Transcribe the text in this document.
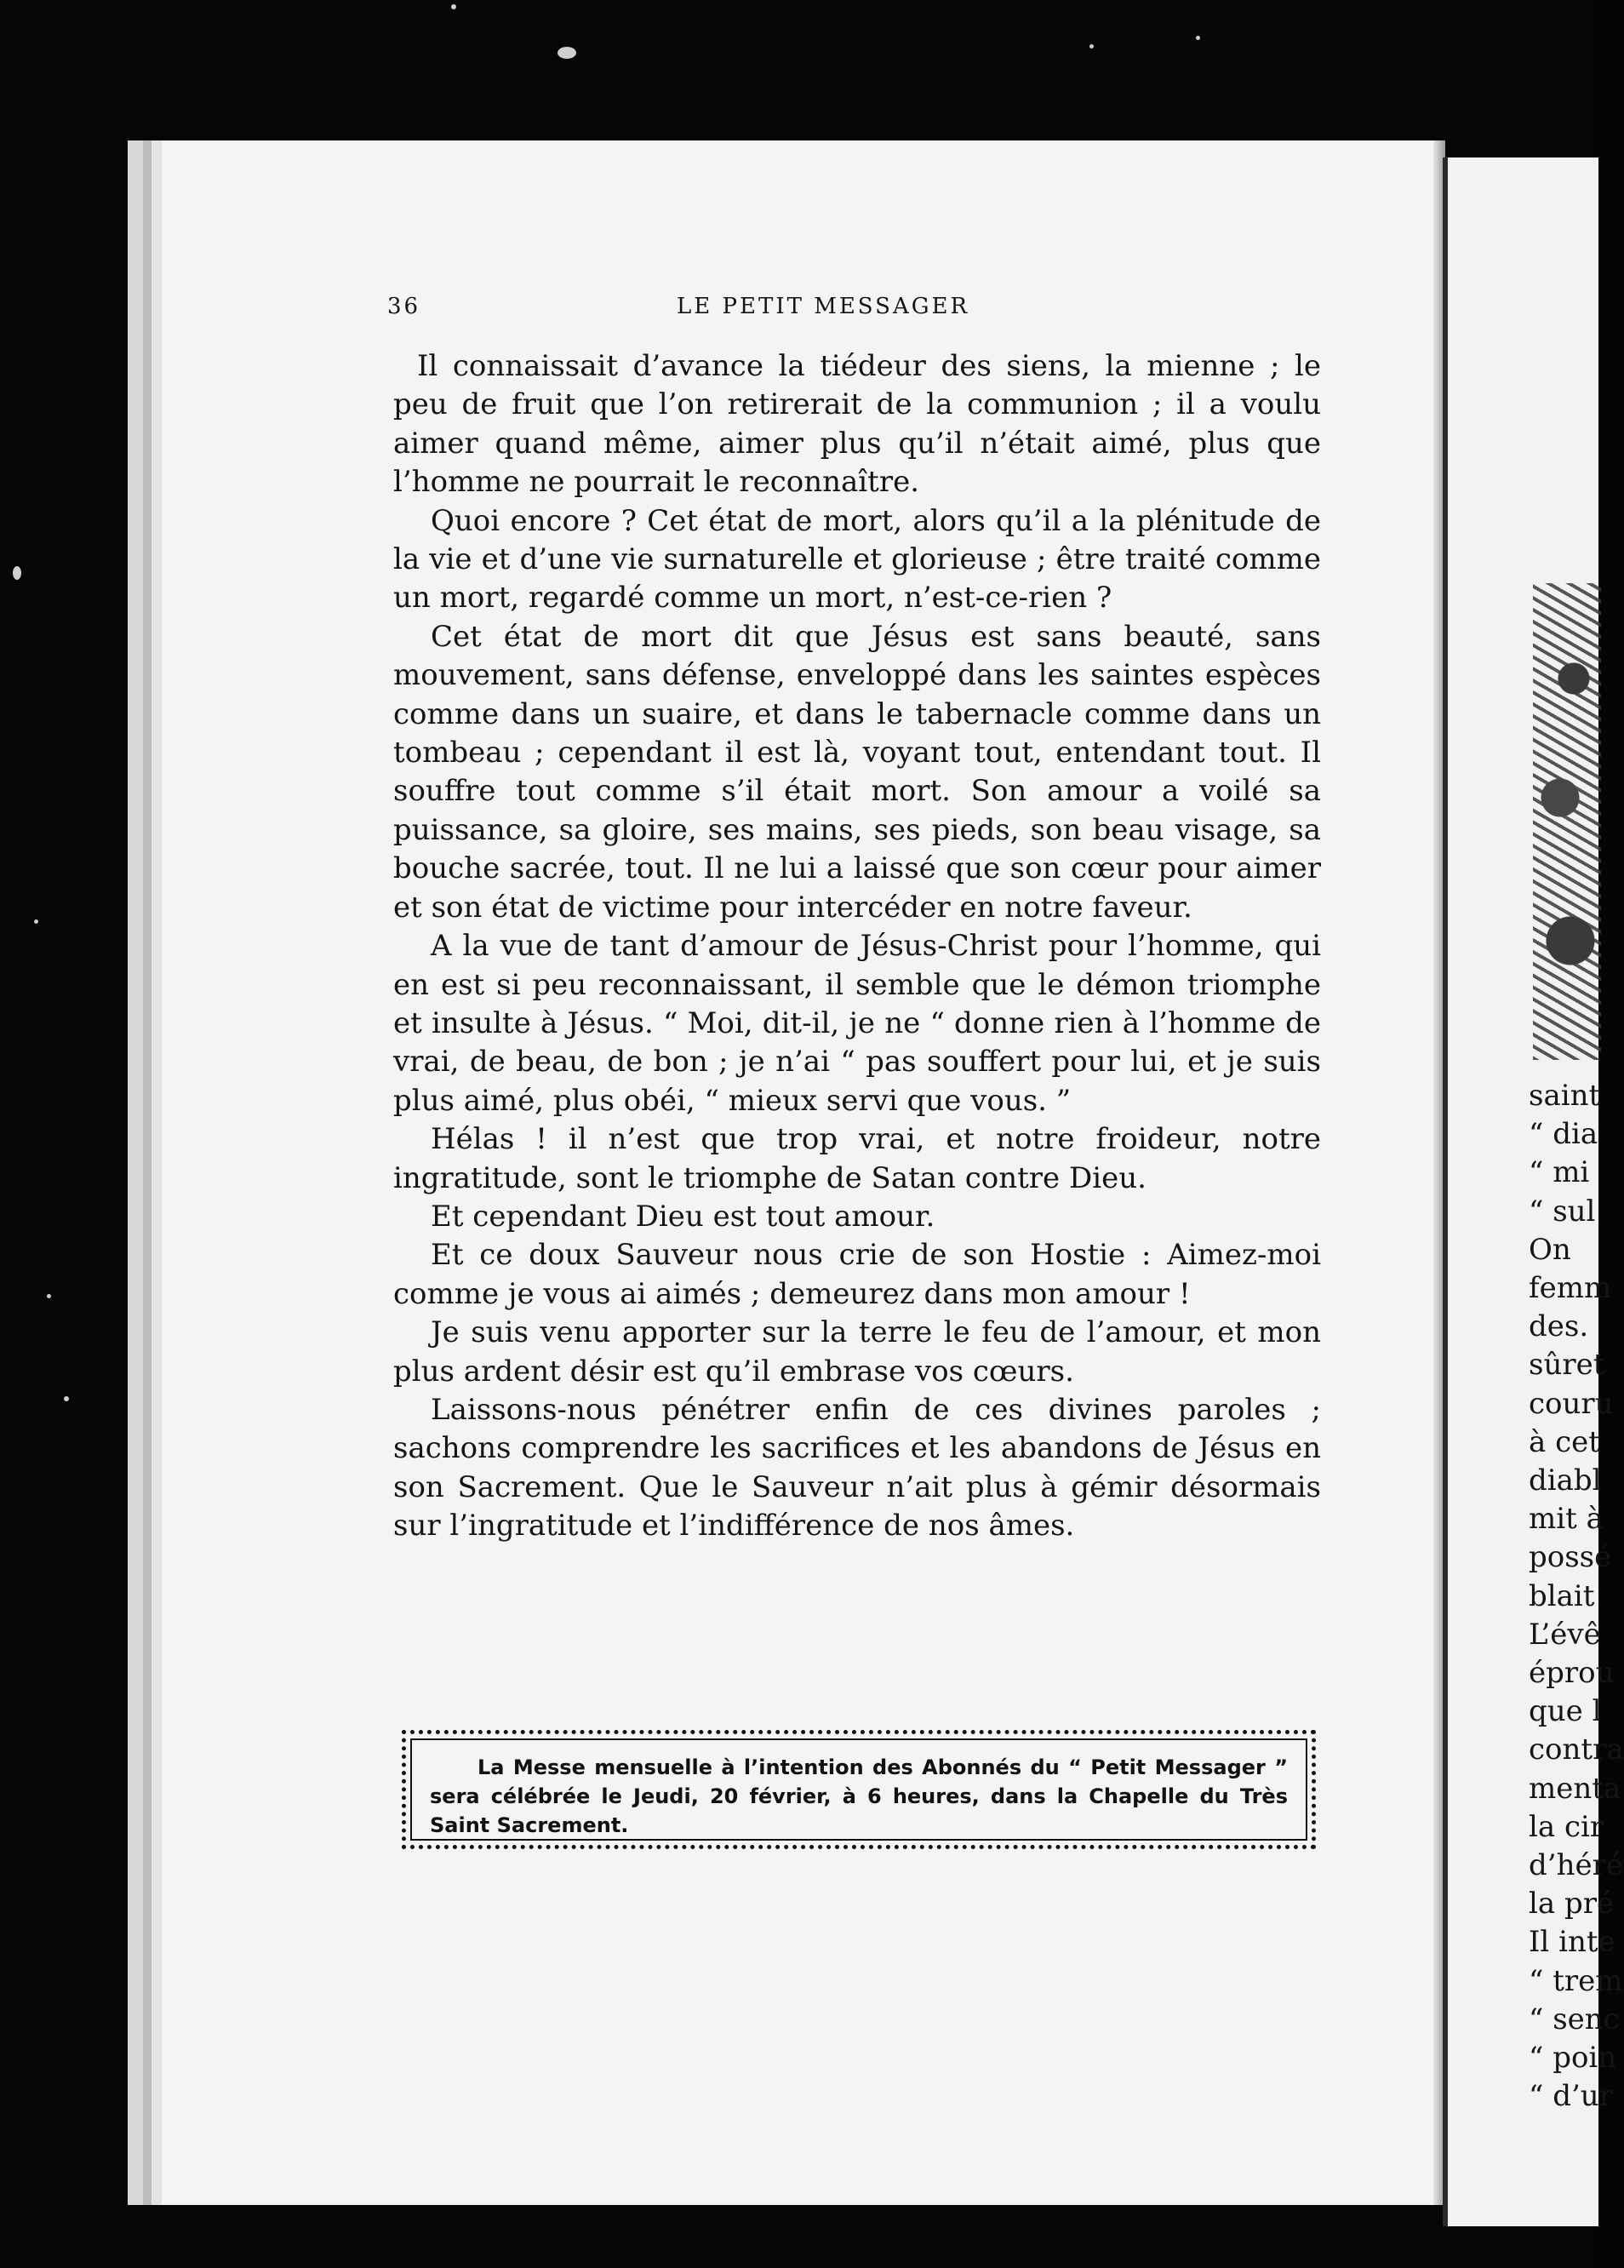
saint
“ dia
“ mi
“ sul
On
femm
des.
sûret
couru
à cet
diabl
mit à
possé
blait
L’évê
éprou
que l
contra
menta
la cir
d’héré
la pré
Il inte
“ trem
“ senc
“ poin
“ d’ur
36	LE PETIT MESSAGER

Il connaissait d’avance la tiédeur des siens, la mienne ; le peu de fruit que l’on retirerait de la communion ; il a voulu aimer quand même, aimer plus qu’il n’était aimé, plus que l’homme ne pourrait le reconnaître.

Quoi encore ? Cet état de mort, alors qu’il a la plénitude de la vie et d’une vie surnaturelle et glorieuse ; être traité comme un mort, regardé comme un mort, n’est-ce-rien ?

Cet état de mort dit que Jésus est sans beauté, sans mouvement, sans défense, enveloppé dans les saintes espèces comme dans un suaire, et dans le tabernacle comme dans un tombeau ; cependant il est là, voyant tout, entendant tout. Il souffre tout comme s’il était mort. Son amour a voilé sa puissance, sa gloire, ses mains, ses pieds, son beau visage, sa bouche sacrée, tout. Il ne lui a laissé que son cœur pour aimer et son état de victime pour intercéder en notre faveur.

A la vue de tant d’amour de Jésus-Christ pour l’homme, qui en est si peu reconnaissant, il semble que le démon triomphe et insulte à Jésus. “ Moi, dit-il, je ne “ donne rien à l’homme de vrai, de beau, de bon ; je n’ai “ pas souffert pour lui, et je suis plus aimé, plus obéi, “ mieux servi que vous. ”

Hélas ! il n’est que trop vrai, et notre froideur, notre ingratitude, sont le triomphe de Satan contre Dieu.

Et cependant Dieu est tout amour.

Et ce doux Sauveur nous crie de son Hostie : Aimez-moi comme je vous ai aimés ; demeurez dans mon amour !

Je suis venu apporter sur la terre le feu de l’amour, et mon plus ardent désir est qu’il embrase vos cœurs.

Laissons-nous pénétrer enfin de ces divines paroles ; sachons comprendre les sacrifices et les abandons de Jésus en son Sacrement. Que le Sauveur n’ait plus à gémir désormais sur l’ingratitude et l’indifférence de nos âmes.

La Messe mensuelle à l’intention des Abonnés du “ Petit Messager ” sera célébrée le Jeudi, 20 février, à 6 heures, dans la Chapelle du Très Saint Sacrement.
